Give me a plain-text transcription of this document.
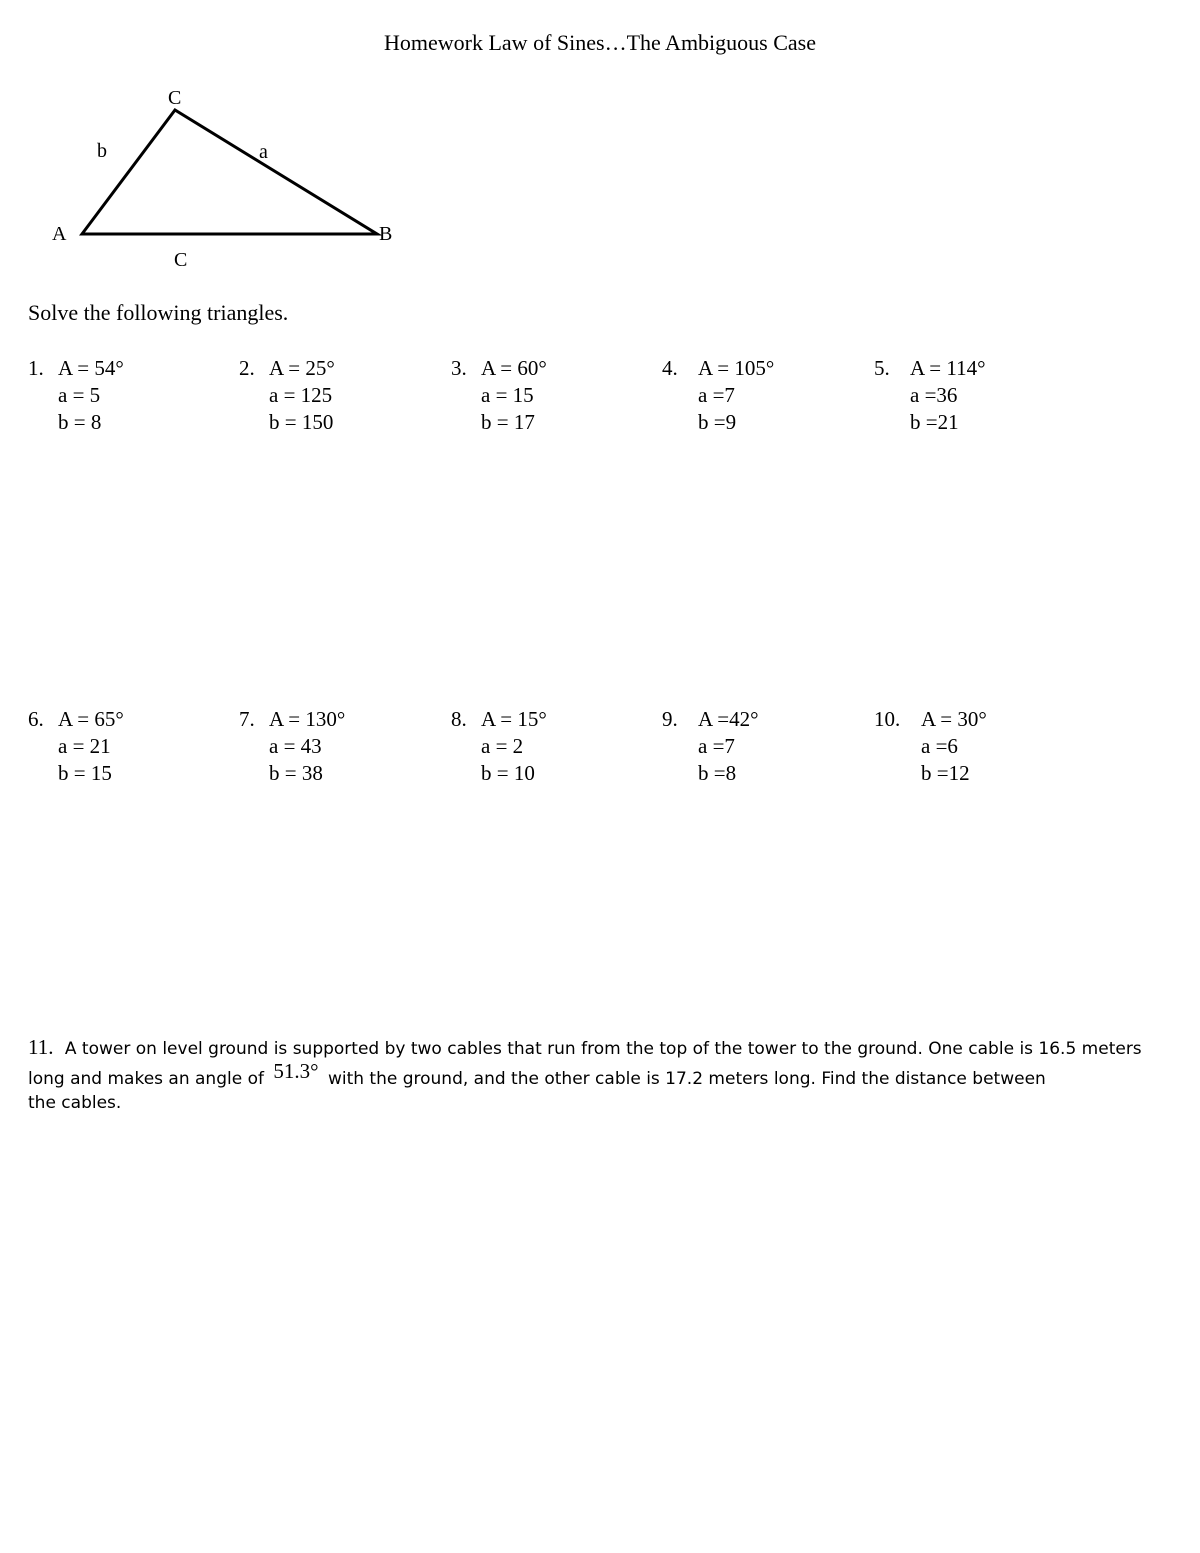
Homework Law of Sines…The Ambiguous Case
C
b	a
A	B
C
Solve the following triangles.
1. A = 54°
a = 5
b = 8
2. A = 25°
a = 125
b = 150
3. A = 60°
a = 15
b = 17
4. A = 105°
a =7
b =9
5. A = 114°
a =36
b =21
6. A = 65°
a = 21
b = 15
7. A = 130°
a = 43
b = 38
8. A = 15°
a = 2
b = 10
9. A =42°
a =7
b =8
10. A = 30°
a =6
b =12
11. A tower on level ground is supported by two cables that run from the top of the tower to the ground. One cable is 16.5 meters long and makes an angle of 51.3° with the ground, and the other cable is 17.2 meters long. Find the distance between
the cables.
